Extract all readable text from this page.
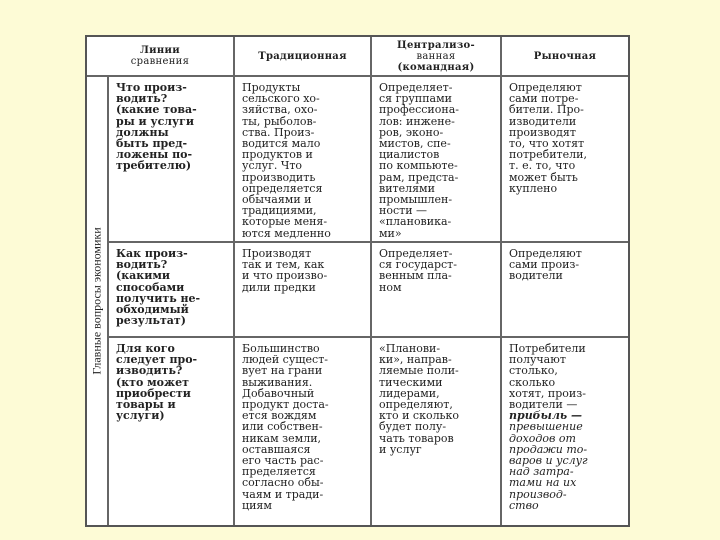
Линии
сравнения	Традиционная
Централизо-
ванная
(командная)
Рыночная
Главные вопросы экономики
Что произ-
водить?
(какие това-
ры и услуги
должны
быть пред-
ложены по-
требителю)
Продукты
сельского хо-
зяйства, охо-
ты, рыболов-
ства. Произ-
водится мало
продуктов и
услуг. Что
производить
определяется
обычаями и
традициями,
которые меня-
ются медленно
Определяет-
ся группами
профессиона-
лов: инжене-
ров, эконо-
мистов, спе-
циалистов
по компьюте-
рам, предста-
вителями
промышлен-
ности —
«плановика-
ми»
Определяют
сами потре-
бители. Про-
изводители
производят
то, что хотят
потребители,
т. е. то, что
может быть
куплено
Как произ-
водить?
(какими
способами
получить не-
обходимый
результат)
Производят
так и тем, как
и что произво-
дили предки
Определяет-
ся государст-
венным пла-
ном
Определяют
сами произ-
водители
Для кого
следует про-
изводить?
(кто может
приобрести
товары и
услуги)
Большинство
людей сущест-
вует на грани
выживания.
Добавочный
продукт доста-
ется вождям
или собствен-
никам земли,
оставшаяся
его часть рас-
пределяется
согласно обы-
чаям и тради-
циям
«Планови-
ки», направ-
ляемые поли-
тическими
лидерами,
определяют,
кто и сколько
будет полу-
чать товаров
и услуг
Потребители
получают
столько,
сколько
хотят, произ-
водители —
прибыль —
превышение
доходов от
продажи то-
варов и услуг
над затра-
тами на их
производ-
ство
